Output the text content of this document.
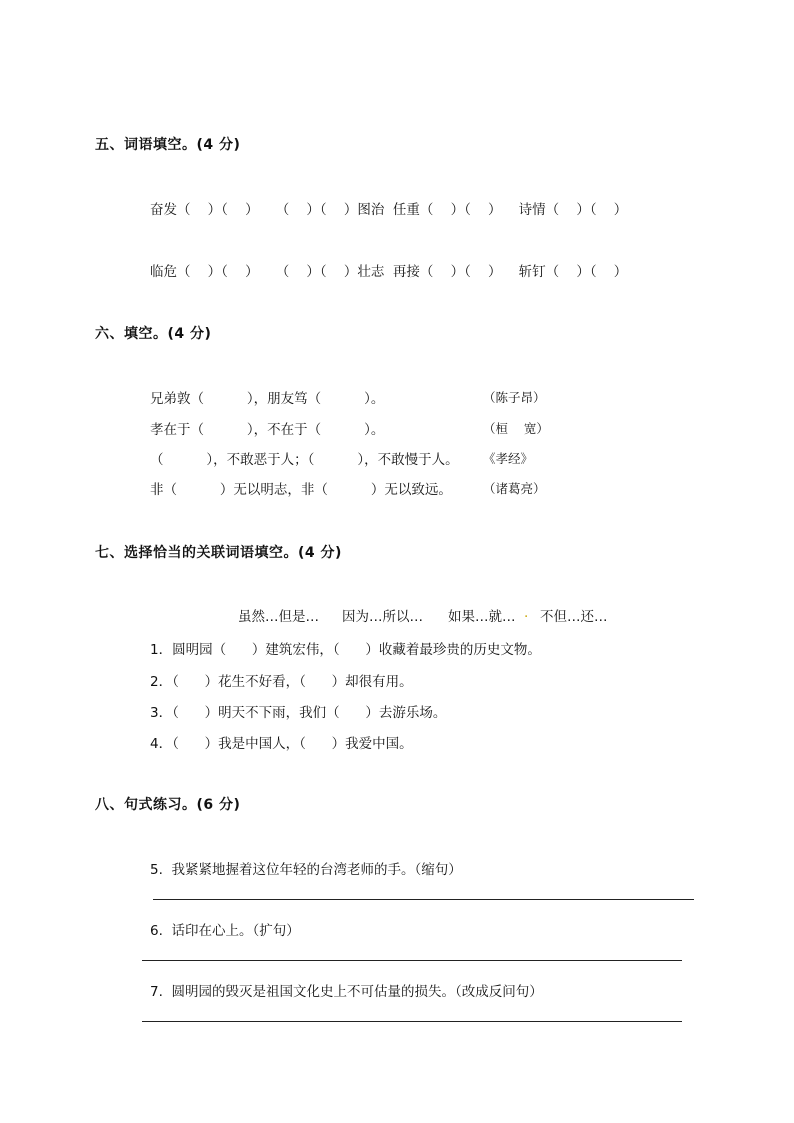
五、词语填空。(4 分)
奋发（    ）（    ）    （    ）（    ）图治  任重（    ）（    ）    诗情（    ）（    ）
临危（    ）（    ）    （    ）（    ）壮志  再接（    ）（    ）    斩钉（    ）（    ）
六、填空。(4 分)
兄弟敦（          ），朋友笃（          ）。	（陈子昂）
孝在于（          ），不在于（          ）。	（桓    宽）
（          ），不敢恶于人；（          ），不敢慢于人。 《孝经》
非（          ）无以明志，非（          ）无以致远。 （诸葛亮）
七、选择恰当的关联词语填空。(4 分)
虽然…但是… 因为…所以… 如果…就… . 不但…还…
1．圆明园（      ）建筑宏伟，（      ）收藏着最珍贵的历史文物。
2．（      ）花生不好看，（      ）却很有用。
3．（      ）明天不下雨，我们（      ）去游乐场。
4．（      ）我是中国人，（      ）我爱中国。
八、句式练习。(6 分)
5.  我紧紧地握着这位年轻的台湾老师的手。（缩句）
6.  话印在心上。（扩句）
7.  圆明园的毁灭是祖国文化史上不可估量的损失。（改成反问句）
